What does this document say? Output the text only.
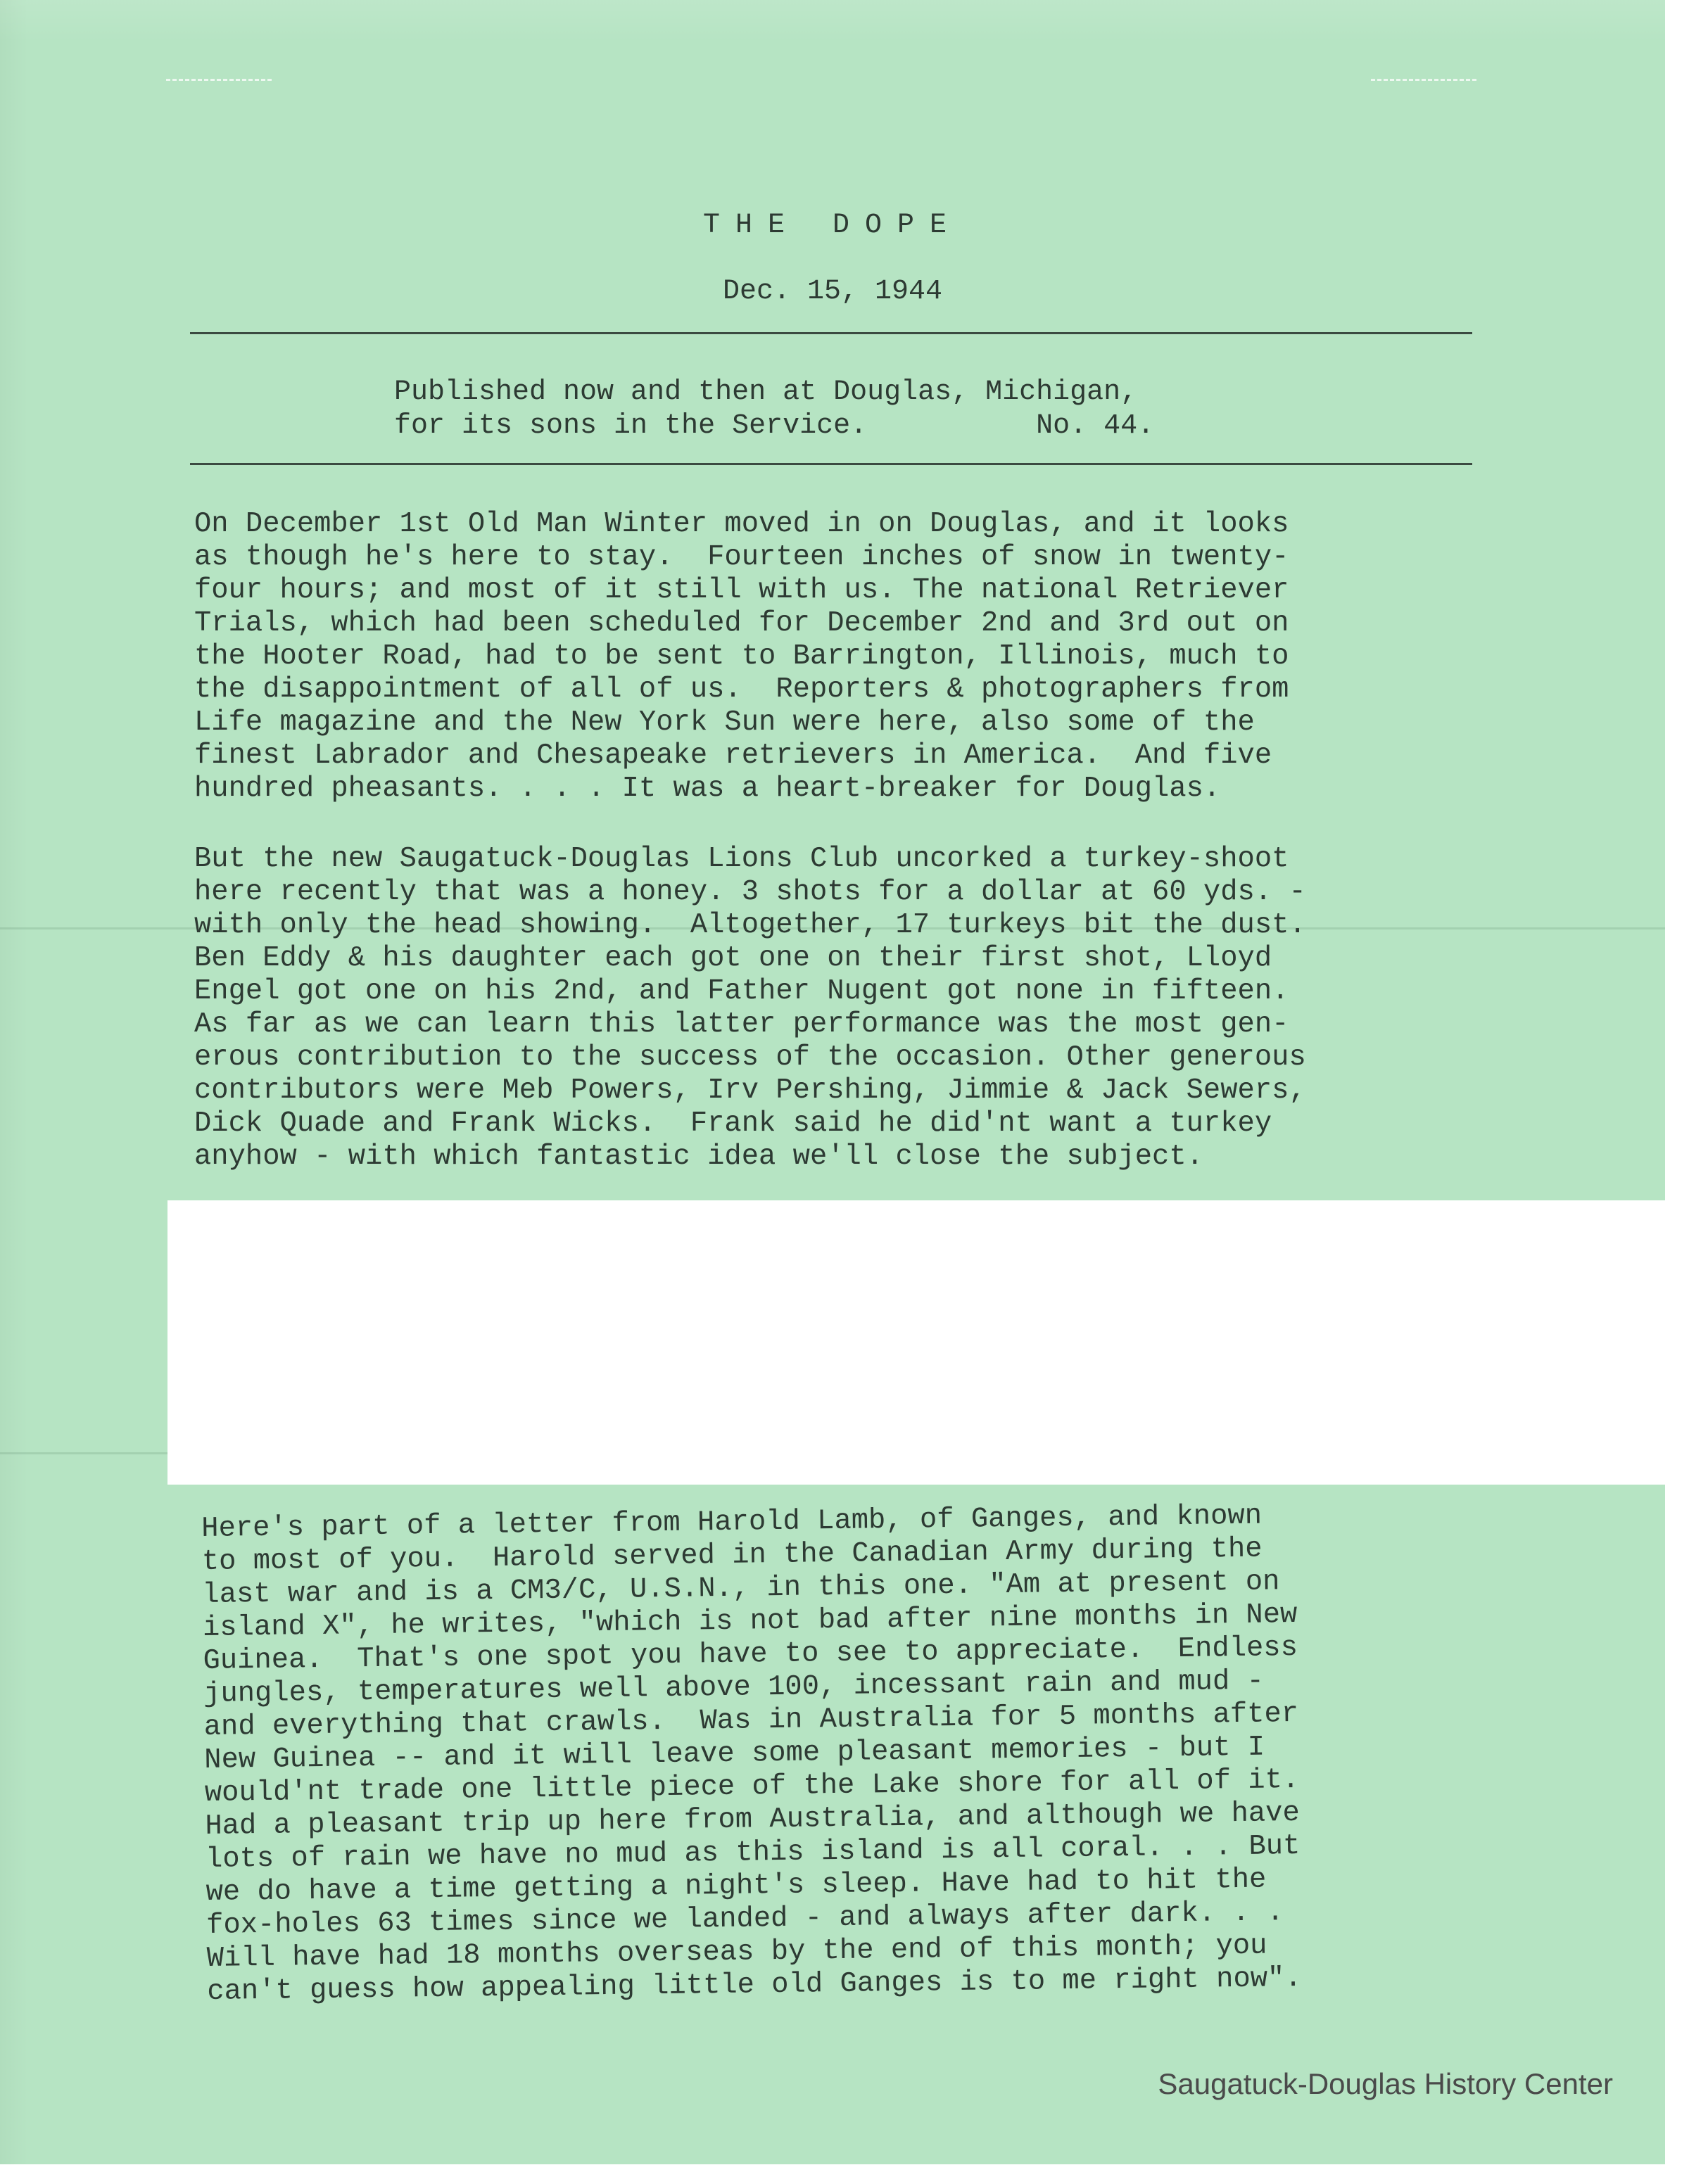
THE DOPE
Dec. 15, 1944
Published now and then at Douglas, Michigan,
for its sons in the Service.          No. 44.
On December 1st Old Man Winter moved in on Douglas, and it looks
as though he's here to stay.  Fourteen inches of snow in twenty-
four hours; and most of it still with us. The national Retriever
Trials, which had been scheduled for December 2nd and 3rd out on
the Hooter Road, had to be sent to Barrington, Illinois, much to
the disappointment of all of us.  Reporters & photographers from
Life magazine and the New York Sun were here, also some of the
finest Labrador and Chesapeake retrievers in America.  And five
hundred pheasants. . . . It was a heart-breaker for Douglas.
But the new Saugatuck-Douglas Lions Club uncorked a turkey-shoot
here recently that was a honey. 3 shots for a dollar at 60 yds. -
with only the head showing.  Altogether, 17 turkeys bit the dust.
Ben Eddy & his daughter each got one on their first shot, Lloyd
Engel got one on his 2nd, and Father Nugent got none in fifteen.
As far as we can learn this latter performance was the most gen-
erous contribution to the success of the occasion. Other generous
contributors were Meb Powers, Irv Pershing, Jimmie & Jack Sewers,
Dick Quade and Frank Wicks.  Frank said he did'nt want a turkey
anyhow - with which fantastic idea we'll close the subject.
Here's part of a letter from Harold Lamb, of Ganges, and known
to most of you.  Harold served in the Canadian Army during the
last war and is a CM3/C, U.S.N., in this one. "Am at present on
island X", he writes, "which is not bad after nine months in New
Guinea.  That's one spot you have to see to appreciate.  Endless
jungles, temperatures well above 100, incessant rain and mud -
and everything that crawls.  Was in Australia for 5 months after
New Guinea -- and it will leave some pleasant memories - but I
would'nt trade one little piece of the Lake shore for all of it.
Had a pleasant trip up here from Australia, and although we have
lots of rain we have no mud as this island is all coral. . . But
we do have a time getting a night's sleep. Have had to hit the
fox-holes 63 times since we landed - and always after dark. . .
Will have had 18 months overseas by the end of this month; you
can't guess how appealing little old Ganges is to me right now".
Saugatuck-Douglas History Center
